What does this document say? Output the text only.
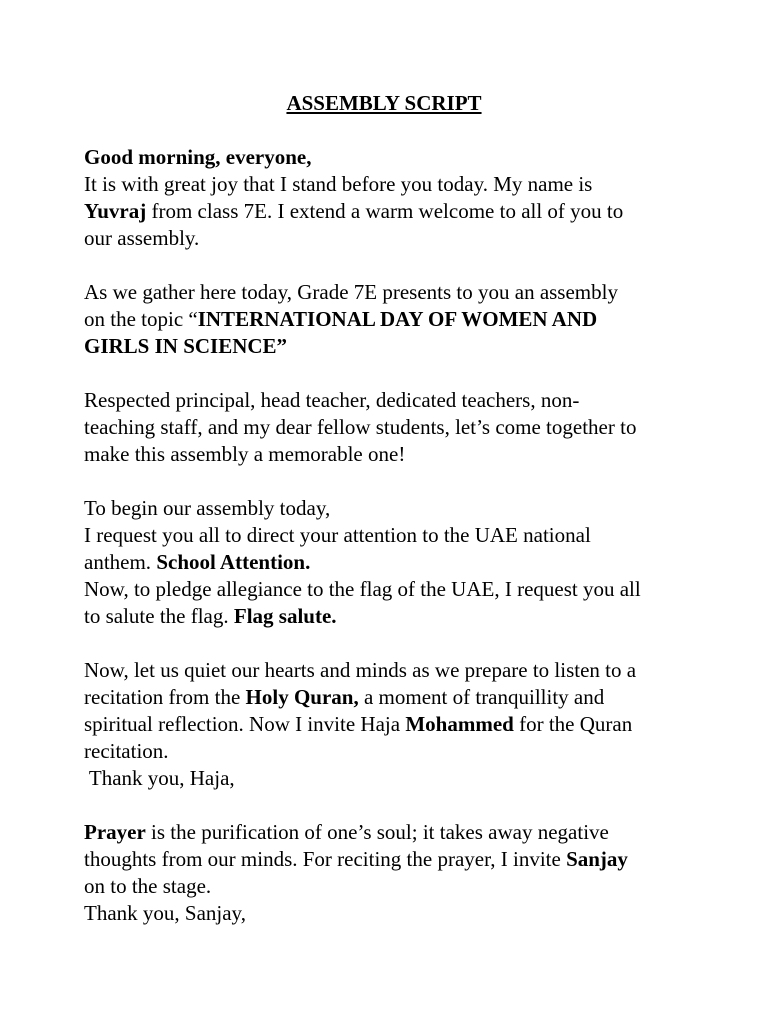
ASSEMBLY SCRIPT

Good morning, everyone,
It is with great joy that I stand before you today. My name is
Yuvraj from class 7E. I extend a warm welcome to all of you to
our assembly.

As we gather here today, Grade 7E presents to you an assembly
on the topic “INTERNATIONAL DAY OF WOMEN AND
GIRLS IN SCIENCE”

Respected principal, head teacher, dedicated teachers, non-
teaching staff, and my dear fellow students, let’s come together to
make this assembly a memorable one!

To begin our assembly today,
I request you all to direct your attention to the UAE national
anthem. School Attention.
Now, to pledge allegiance to the flag of the UAE, I request you all
to salute the flag. Flag salute.

Now, let us quiet our hearts and minds as we prepare to listen to a
recitation from the Holy Quran, a moment of tranquillity and
spiritual reflection. Now I invite Haja Mohammed for the Quran
recitation.
Thank you, Haja,

Prayer is the purification of one’s soul; it takes away negative
thoughts from our minds. For reciting the prayer, I invite Sanjay
on to the stage.
Thank you, Sanjay,
